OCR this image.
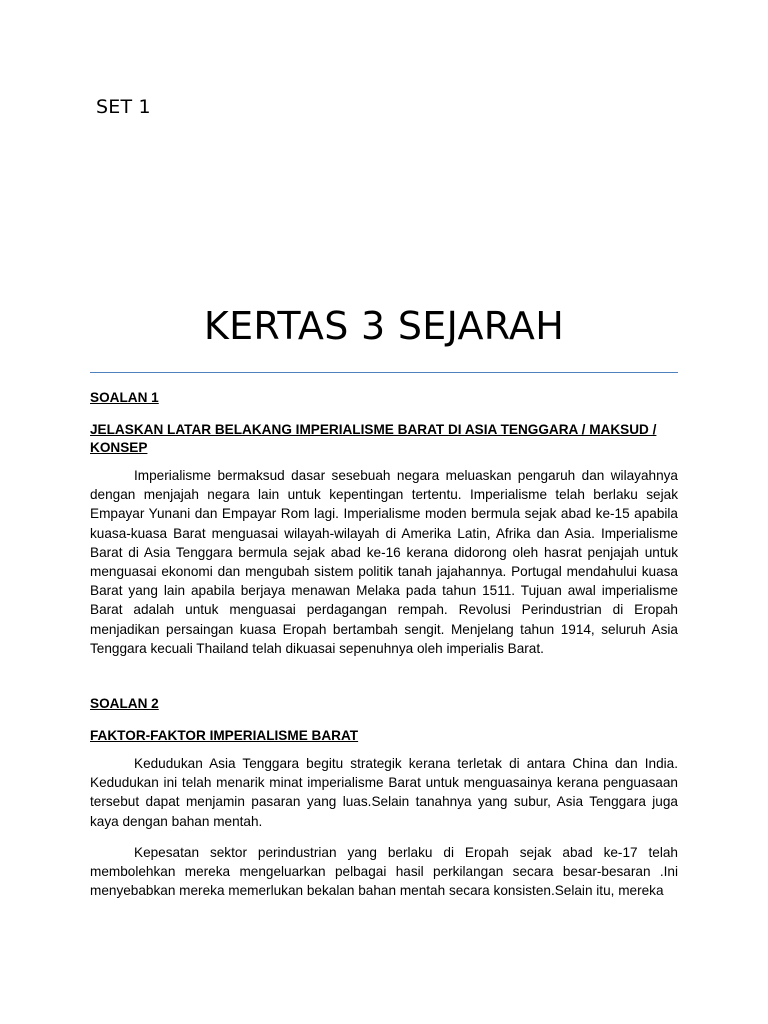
SET 1
KERTAS 3 SEJARAH

SOALAN 1

JELASKAN LATAR BELAKANG IMPERIALISME BARAT DI ASIA TENGGARA / MAKSUD / KONSEP

Imperialisme bermaksud dasar sesebuah negara meluaskan pengaruh dan wilayahnya dengan menjajah negara lain untuk kepentingan tertentu. Imperialisme telah berlaku sejak Empayar Yunani dan Empayar Rom lagi. Imperialisme moden bermula sejak abad ke-15 apabila kuasa-kuasa Barat menguasai wilayah-wilayah di Amerika Latin, Afrika dan Asia. Imperialisme Barat di Asia Tenggara bermula sejak abad ke-16 kerana didorong oleh hasrat penjajah untuk menguasai ekonomi dan mengubah sistem politik tanah jajahannya. Portugal mendahului kuasa Barat yang lain apabila berjaya menawan Melaka pada tahun 1511. Tujuan awal imperialisme Barat adalah untuk menguasai perdagangan rempah. Revolusi Perindustrian di Eropah menjadikan persaingan kuasa Eropah bertambah sengit. Menjelang tahun 1914, seluruh Asia Tenggara kecuali Thailand telah dikuasai sepenuhnya oleh imperialis Barat.

SOALAN 2

FAKTOR-FAKTOR IMPERIALISME BARAT

Kedudukan Asia Tenggara begitu strategik kerana terletak di antara China dan India. Kedudukan ini telah menarik minat imperialisme Barat untuk menguasainya kerana penguasaan tersebut dapat menjamin pasaran yang luas.Selain tanahnya yang subur, Asia Tenggara juga kaya dengan bahan mentah.

Kepesatan sektor perindustrian yang berlaku di Eropah sejak abad ke-17 telah membolehkan mereka mengeluarkan pelbagai hasil perkilangan secara besar-besaran .Ini menyebabkan mereka memerlukan bekalan bahan mentah secara konsisten.Selain itu, mereka
